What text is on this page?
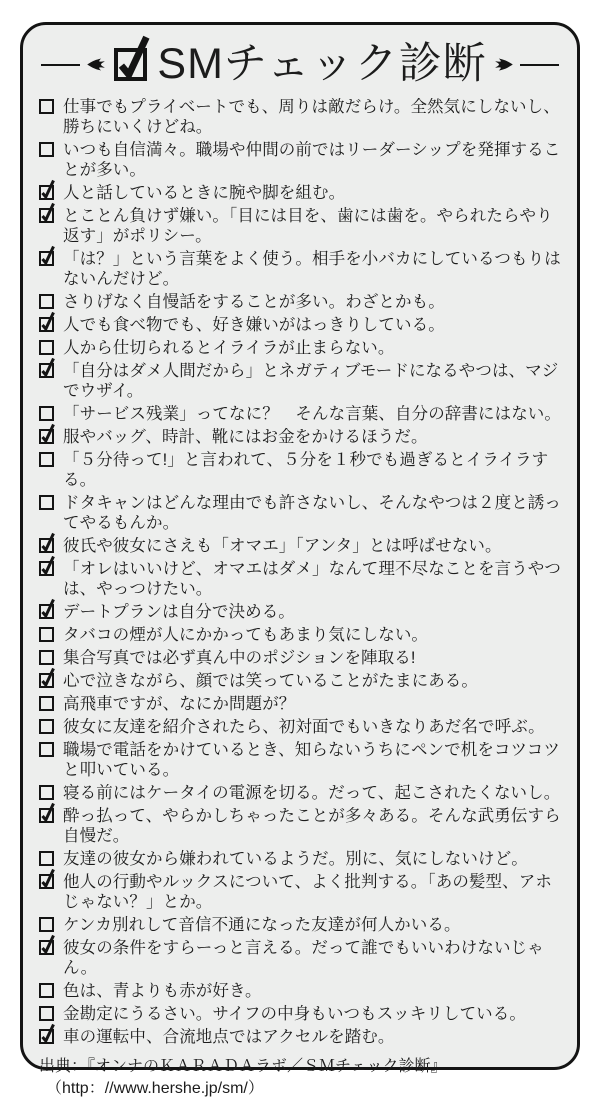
SMチェック診断
仕事でもプライベートでも、周りは敵だらけ。全然気にしないし、勝ちにいくけどね。
いつも自信満々。職場や仲間の前ではリーダーシップを発揮することが多い。
人と話しているときに腕や脚を組む。
とことん負けず嫌い。「目には目を、歯には歯を。やられたらやり返す」がポリシー。
「は？」という言葉をよく使う。相手を小バカにしているつもりはないんだけど。
さりげなく自慢話をすることが多い。わざとかも。
人でも食べ物でも、好き嫌いがはっきりしている。
人から仕切られるとイライラが止まらない。
「自分はダメ人間だから」とネガティブモードになるやつは、マジでウザイ。
「サービス残業」ってなに？　そんな言葉、自分の辞書にはない。
服やバッグ、時計、靴にはお金をかけるほうだ。
「５分待って!」と言われて、５分を１秒でも過ぎるとイライラする。
ドタキャンはどんな理由でも許さないし、そんなやつは２度と誘ってやるもんか。
彼氏や彼女にさえも「オマエ」「アンタ」とは呼ばせない。
「オレはいいけど、オマエはダメ」なんて理不尽なことを言うやつは、やっつけたい。
デートプランは自分で決める。
タバコの煙が人にかかってもあまり気にしない。
集合写真では必ず真ん中のポジションを陣取る!
心で泣きながら、顔では笑っていることがたまにある。
高飛車ですが、なにか問題が？
彼女に友達を紹介されたら、初対面でもいきなりあだ名で呼ぶ。
職場で電話をかけているとき、知らないうちにペンで机をコツコツと叩いている。
寝る前にはケータイの電源を切る。だって、起こされたくないし。
酔っ払って、やらかしちゃったことが多々ある。そんな武勇伝すら自慢だ。
友達の彼女から嫌われているようだ。別に、気にしないけど。
他人の行動やルックスについて、よく批判する。「あの髪型、アホじゃない？」とか。
ケンカ別れして音信不通になった友達が何人かいる。
彼女の条件をすらーっと言える。だって誰でもいいわけないじゃん。
色は、青よりも赤が好き。
金勘定にうるさい。サイフの中身もいつもスッキリしている。
車の運転中、合流地点ではアクセルを踏む。
出典：『オンナのＫＡＲＡＤＡラボ／ＳＭチェック診断』
（http：//www.hershe.jp/sm/）
